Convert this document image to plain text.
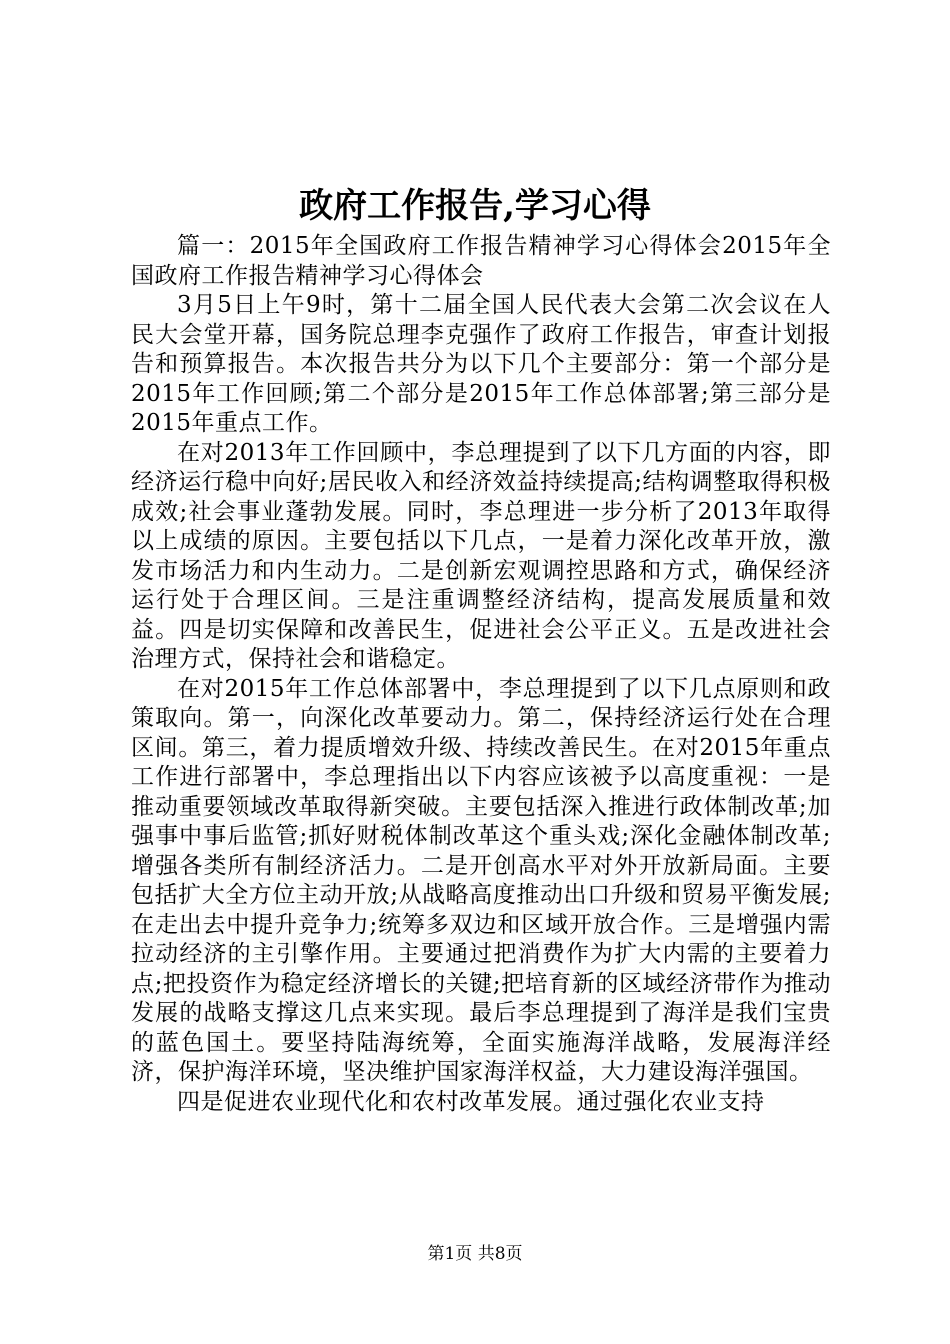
政府工作报告,学习心得

篇一：2015年全国政府工作报告精神学习心得体会2015年全国政府工作报告精神学习心得体会

3月5日上午9时，第十二届全国人民代表大会第二次会议在人民大会堂开幕，国务院总理李克强作了政府工作报告，审查计划报告和预算报告。本次报告共分为以下几个主要部分：第一个部分是2015年工作回顾;第二个部分是2015年工作总体部署;第三部分是2015年重点工作。

在对2013年工作回顾中，李总理提到了以下几方面的内容，即经济运行稳中向好;居民收入和经济效益持续提高;结构调整取得积极成效;社会事业蓬勃发展。同时，李总理进一步分析了2013年取得以上成绩的原因。主要包括以下几点，一是着力深化改革开放，激发市场活力和内生动力。二是创新宏观调控思路和方式，确保经济运行处于合理区间。三是注重调整经济结构，提高发展质量和效益。四是切实保障和改善民生，促进社会公平正义。五是改进社会治理方式，保持社会和谐稳定。

在对2015年工作总体部署中，李总理提到了以下几点原则和政策取向。第一，向深化改革要动力。第二，保持经济运行处在合理区间。第三，着力提质增效升级、持续改善民生。在对2015年重点工作进行部署中，李总理指出以下内容应该被予以高度重视：一是推动重要领域改革取得新突破。主要包括深入推进行政体制改革;加强事中事后监管;抓好财税体制改革这个重头戏;深化金融体制改革;增强各类所有制经济活力。二是开创高水平对外开放新局面。主要包括扩大全方位主动开放;从战略高度推动出口升级和贸易平衡发展;在走出去中提升竞争力;统筹多双边和区域开放合作。三是增强内需拉动经济的主引擎作用。主要通过把消费作为扩大内需的主要着力点;把投资作为稳定经济增长的关键;把培育新的区域经济带作为推动发展的战略支撑这几点来实现。最后李总理提到了海洋是我们宝贵的蓝色国土。要坚持陆海统筹，全面实施海洋战略，发展海洋经济，保护海洋环境，坚决维护国家海洋权益，大力建设海洋强国。

四是促进农业现代化和农村改革发展。通过强化农业支持

第1页 共8页
